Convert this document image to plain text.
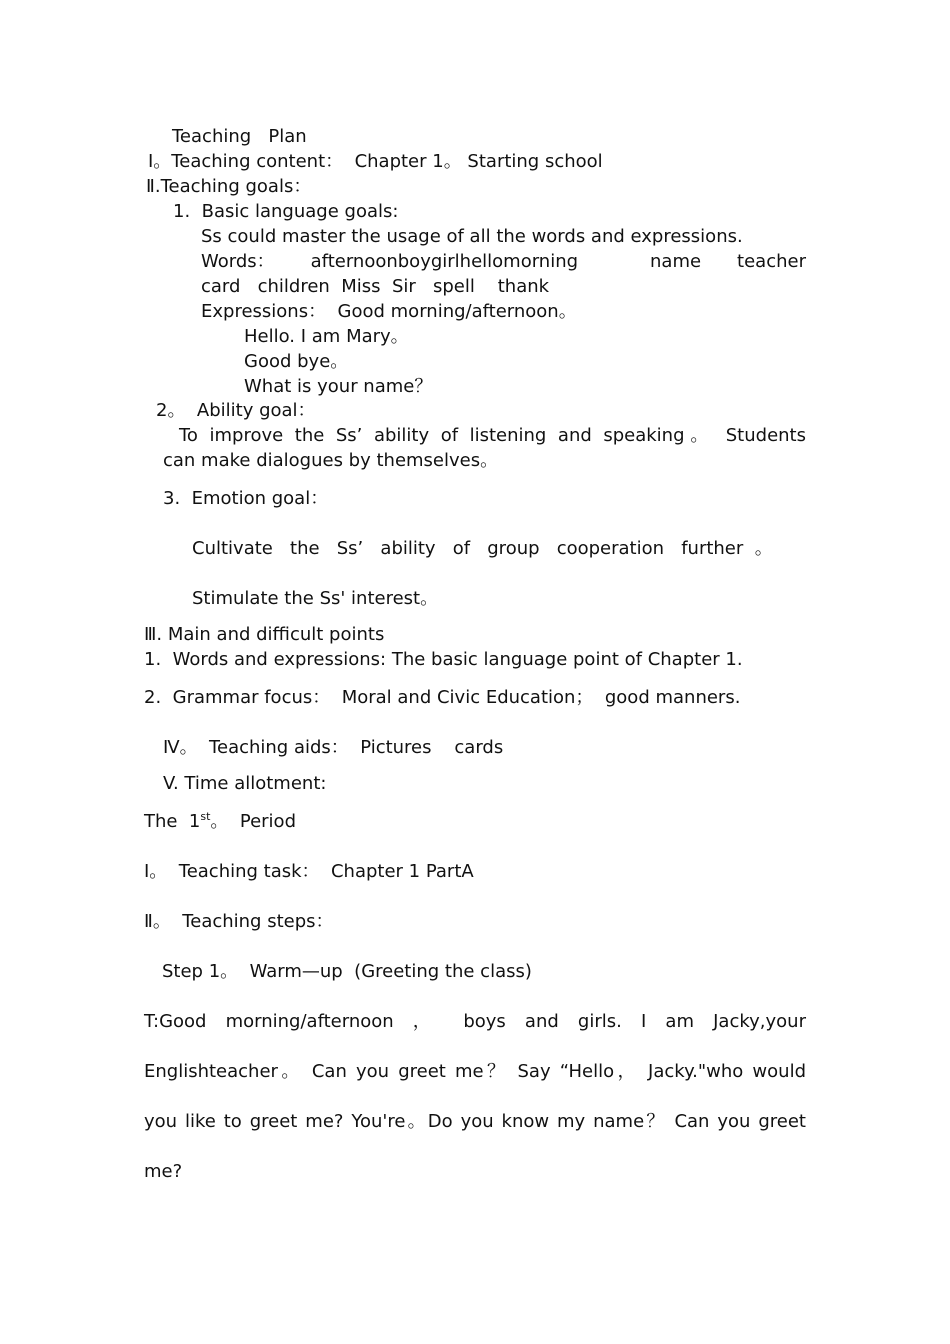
Teaching   Plan
Ⅰ。Teaching content：  Chapter 1。 Starting school
Ⅱ.Teaching goals：
1.  Basic language goals:
Ss could master the usage of all the words and expressions.
Words： afternoonboygirlhellomorning	name teacher
card   children  Miss  Sir   spell    thank
Expressions：  Good morning/afternoon。
Hello. I am Mary。
Good bye。
What is your name？
2。  Ability goal：
To improve the Ss’ ability of listening and speaking。 Students
can make dialogues by themselves。
3.  Emotion goal：
Cultivate   the   Ss’   ability   of   group   cooperation   further  。
Stimulate the Ss' interest。
Ⅲ. Main and difficult points
1.  Words and expressions: The basic language point of Chapter 1.
2.  Grammar focus：  Moral and Civic Education；  good manners.
Ⅳ。  Teaching aids：  Pictures    cards
V. Time allotment:
The  1st。  Period
Ⅰ。  Teaching task：  Chapter 1 PartA
Ⅱ。  Teaching steps：
Step 1。  Warm—up  (Greeting the class)
T:Good morning/afternoon ， boys and girls. I am Jacky,your
Englishteacher。 Can you greet me？ Say “Hello， Jacky."who would
you like to greet me? You're。Do you know my name？ Can you greet
me?
